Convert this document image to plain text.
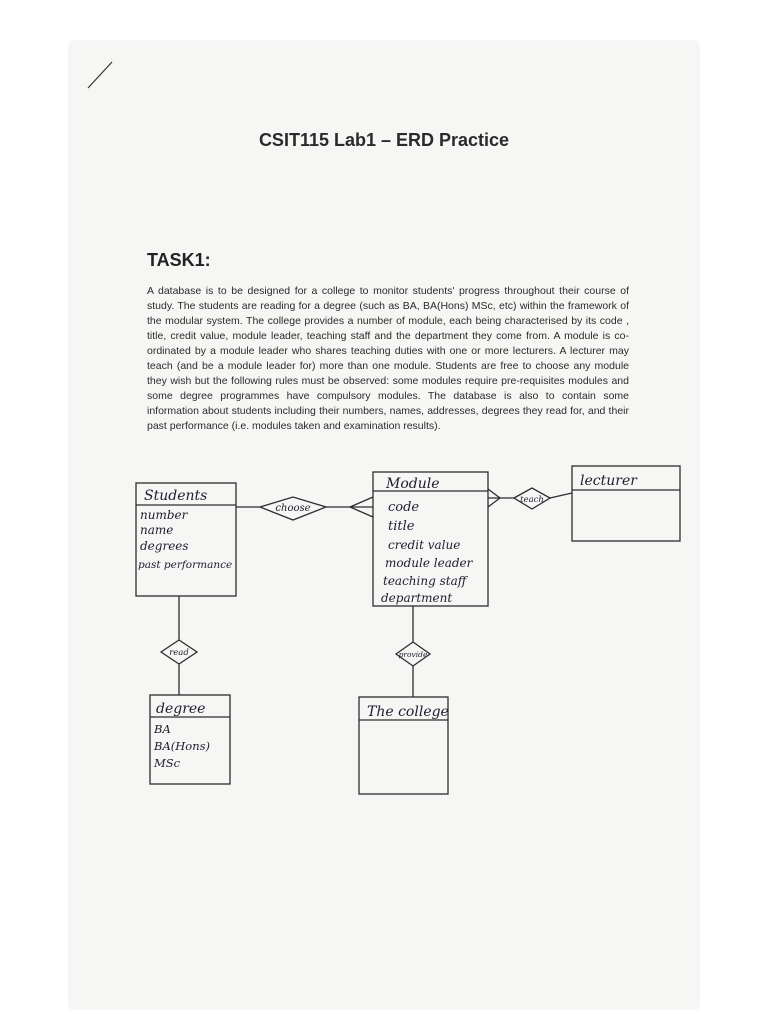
CSIT115 Lab1 – ERD Practice
TASK1:

A database is to be designed for a college to monitor students' progress throughout their course of study. The students are reading for a degree (such as BA, BA(Hons) MSc, etc) within the framework of the modular system. The college provides a number of module, each being characterised by its code , title, credit value, module leader, teaching staff and the department they come from. A module is co-ordinated by a module leader who shares teaching duties with one or more lecturers. A lecturer may teach (and be a module leader for) more than one module. Students are free to choose any module they wish but the following rules must be observed: some modules require pre-requisites modules and some degree programmes have compulsory modules. The database is also to contain some information about students including their numbers, names, addresses, degrees they read for, and their past performance (i.e. modules taken and examination results).

Students
Module	lecturer
degree	The college
number
name
degrees
past performance
code
title
credit value
module leader
teaching staff
department
BA
BA(Hons)
MSc
choose
teach
read	provide
